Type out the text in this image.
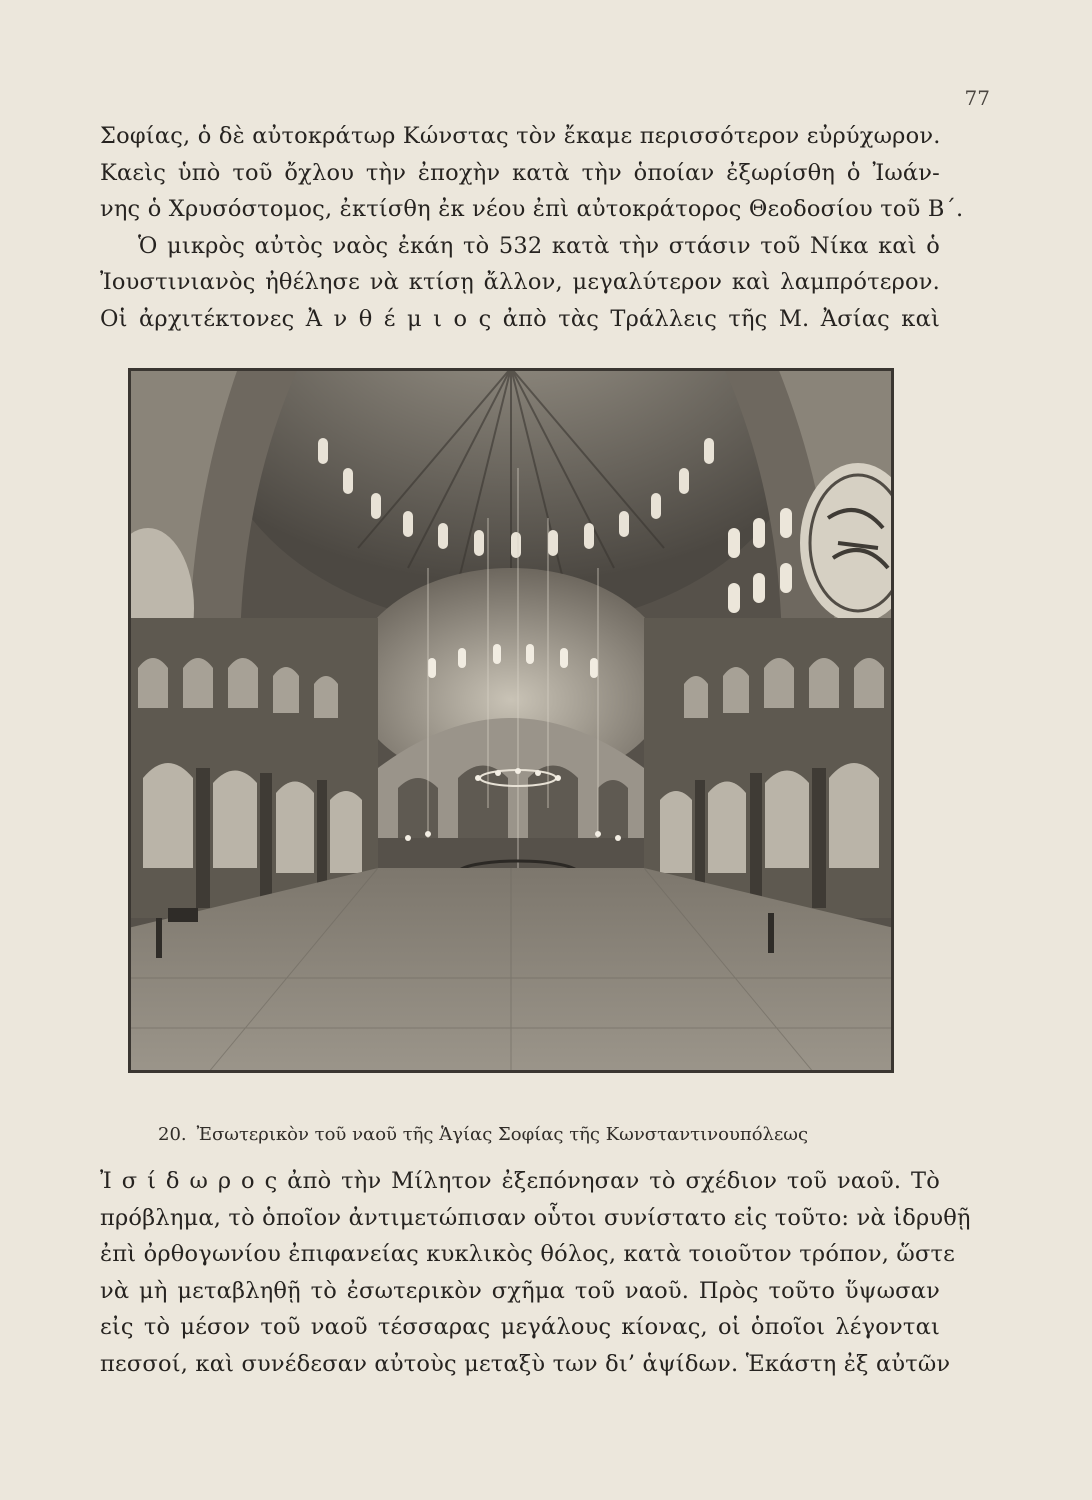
77
Σοφίας, ὁ δὲ αὐτοκράτωρ Κώνστας τὸν ἔκαμε περισσότερον εὐρύχωρον.
Καεὶς ὑπὸ τοῦ ὄχλου τὴν ἐποχὴν κατὰ τὴν ὁποίαν ἐξωρίσθη ὁ Ἰωάν-
νης ὁ Χρυσόστομος, ἐκτίσθη ἐκ νέου ἐπὶ αὐτοκράτορος Θεοδοσίου τοῦ Β΄.
Ὁ μικρὸς αὐτὸς ναὸς ἐκάη τὸ 532 κατὰ τὴν στάσιν τοῦ Νίκα καὶ ὁ
Ἰουστινιανὸς ἠθέλησε νὰ κτίσῃ ἄλλον, μεγαλύτερον καὶ λαμπρότερον.
Οἱ ἀρχιτέκτονες Ἀ ν θ έ μ ι ο ς ἀπὸ τὰς Τράλλεις τῆς Μ. Ἀσίας καὶ
20. Ἐσωτερικὸν τοῦ ναοῦ τῆς Ἁγίας Σοφίας τῆς Κωνσταντινουπόλεως
Ἰ σ ί δ ω ρ ο ς ἀπὸ τὴν Μίλητον ἐξεπόνησαν τὸ σχέδιον τοῦ ναοῦ. Τὸ
πρόβλημα, τὸ ὁποῖον ἀντιμετώπισαν οὗτοι συνίστατο εἰς τοῦτο: νὰ ἱδρυθῇ
ἐπὶ ὀρθογωνίου ἐπιφανείας κυκλικὸς θόλος, κατὰ τοιοῦτον τρόπον, ὥστε
νὰ μὴ μεταβληθῇ τὸ ἐσωτερικὸν σχῆμα τοῦ ναοῦ. Πρὸς τοῦτο ὕψωσαν
εἰς τὸ μέσον τοῦ ναοῦ τέσσαρας μεγάλους κίονας, οἱ ὁποῖοι λέγονται
πεσσοί, καὶ συνέδεσαν αὐτοὺς μεταξὺ των δι’ ἁψίδων. Ἑκάστη ἐξ αὐτῶν
